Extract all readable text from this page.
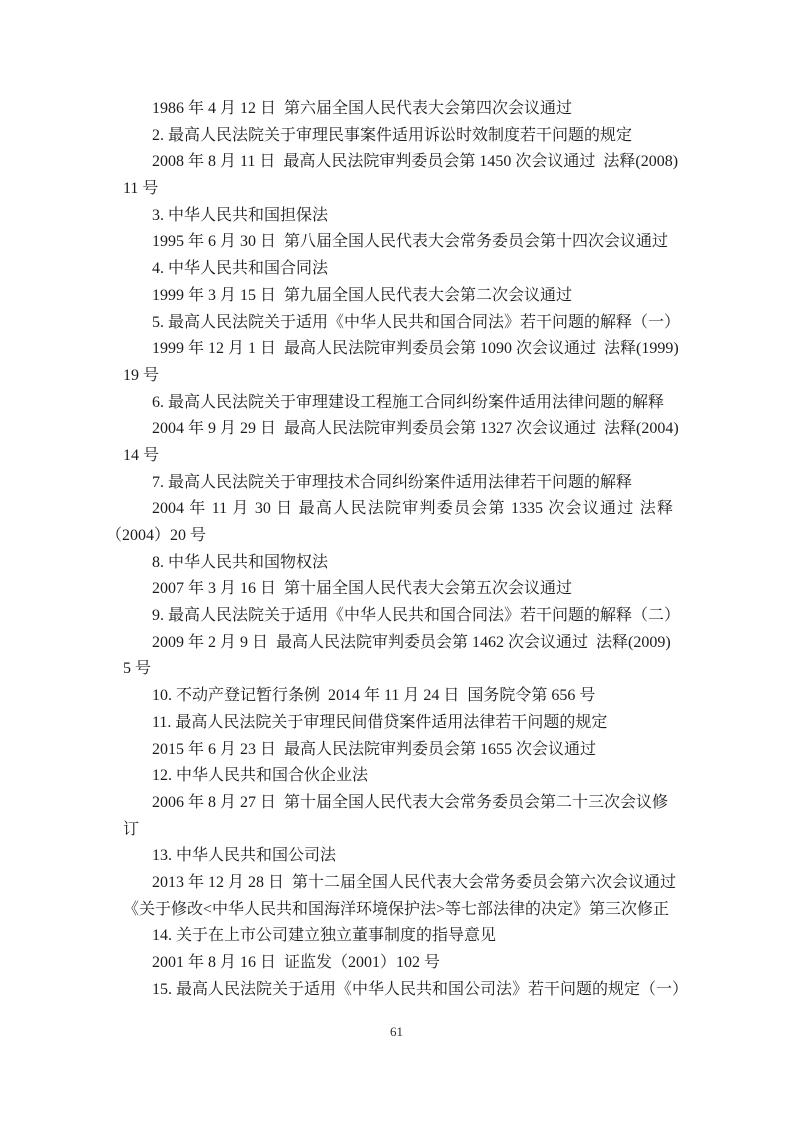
1986 年 4 月 12 日  第六届全国人民代表大会第四次会议通过
2. 最高人民法院关于审理民事案件适用诉讼时效制度若干问题的规定
2008 年 8 月 11 日  最高人民法院审判委员会第 1450 次会议通过  法释(2008)
11 号
3. 中华人民共和国担保法
1995 年 6 月 30 日  第八届全国人民代表大会常务委员会第十四次会议通过
4. 中华人民共和国合同法
1999 年 3 月 15 日  第九届全国人民代表大会第二次会议通过
5. 最高人民法院关于适用《中华人民共和国合同法》若干问题的解释（一）
1999 年 12 月 1 日  最高人民法院审判委员会第 1090 次会议通过  法释(1999)
19 号
6. 最高人民法院关于审理建设工程施工合同纠纷案件适用法律问题的解释
2004 年 9 月 29 日  最高人民法院审判委员会第 1327 次会议通过  法释(2004)
14 号
7. 最高人民法院关于审理技术合同纠纷案件适用法律若干问题的解释
2004 年 11 月 30 日 最高人民法院审判委员会第 1335 次会议通过 法释
（2004）20 号
8. 中华人民共和国物权法
2007 年 3 月 16 日  第十届全国人民代表大会第五次会议通过
9. 最高人民法院关于适用《中华人民共和国合同法》若干问题的解释（二）
2009 年 2 月 9 日  最高人民法院审判委员会第 1462 次会议通过  法释(2009)
5 号
10. 不动产登记暂行条例  2014 年 11 月 24 日  国务院令第 656 号
11. 最高人民法院关于审理民间借贷案件适用法律若干问题的规定
2015 年 6 月 23 日  最高人民法院审判委员会第 1655 次会议通过
12. 中华人民共和国合伙企业法
2006 年 8 月 27 日  第十届全国人民代表大会常务委员会第二十三次会议修
订
13. 中华人民共和国公司法
2013 年 12 月 28 日  第十二届全国人民代表大会常务委员会第六次会议通过
《关于修改<中华人民共和国海洋环境保护法>等七部法律的决定》第三次修正
14. 关于在上市公司建立独立董事制度的指导意见
2001 年 8 月 16 日  证监发（2001）102 号
15. 最高人民法院关于适用《中华人民共和国公司法》若干问题的规定（一）
61
